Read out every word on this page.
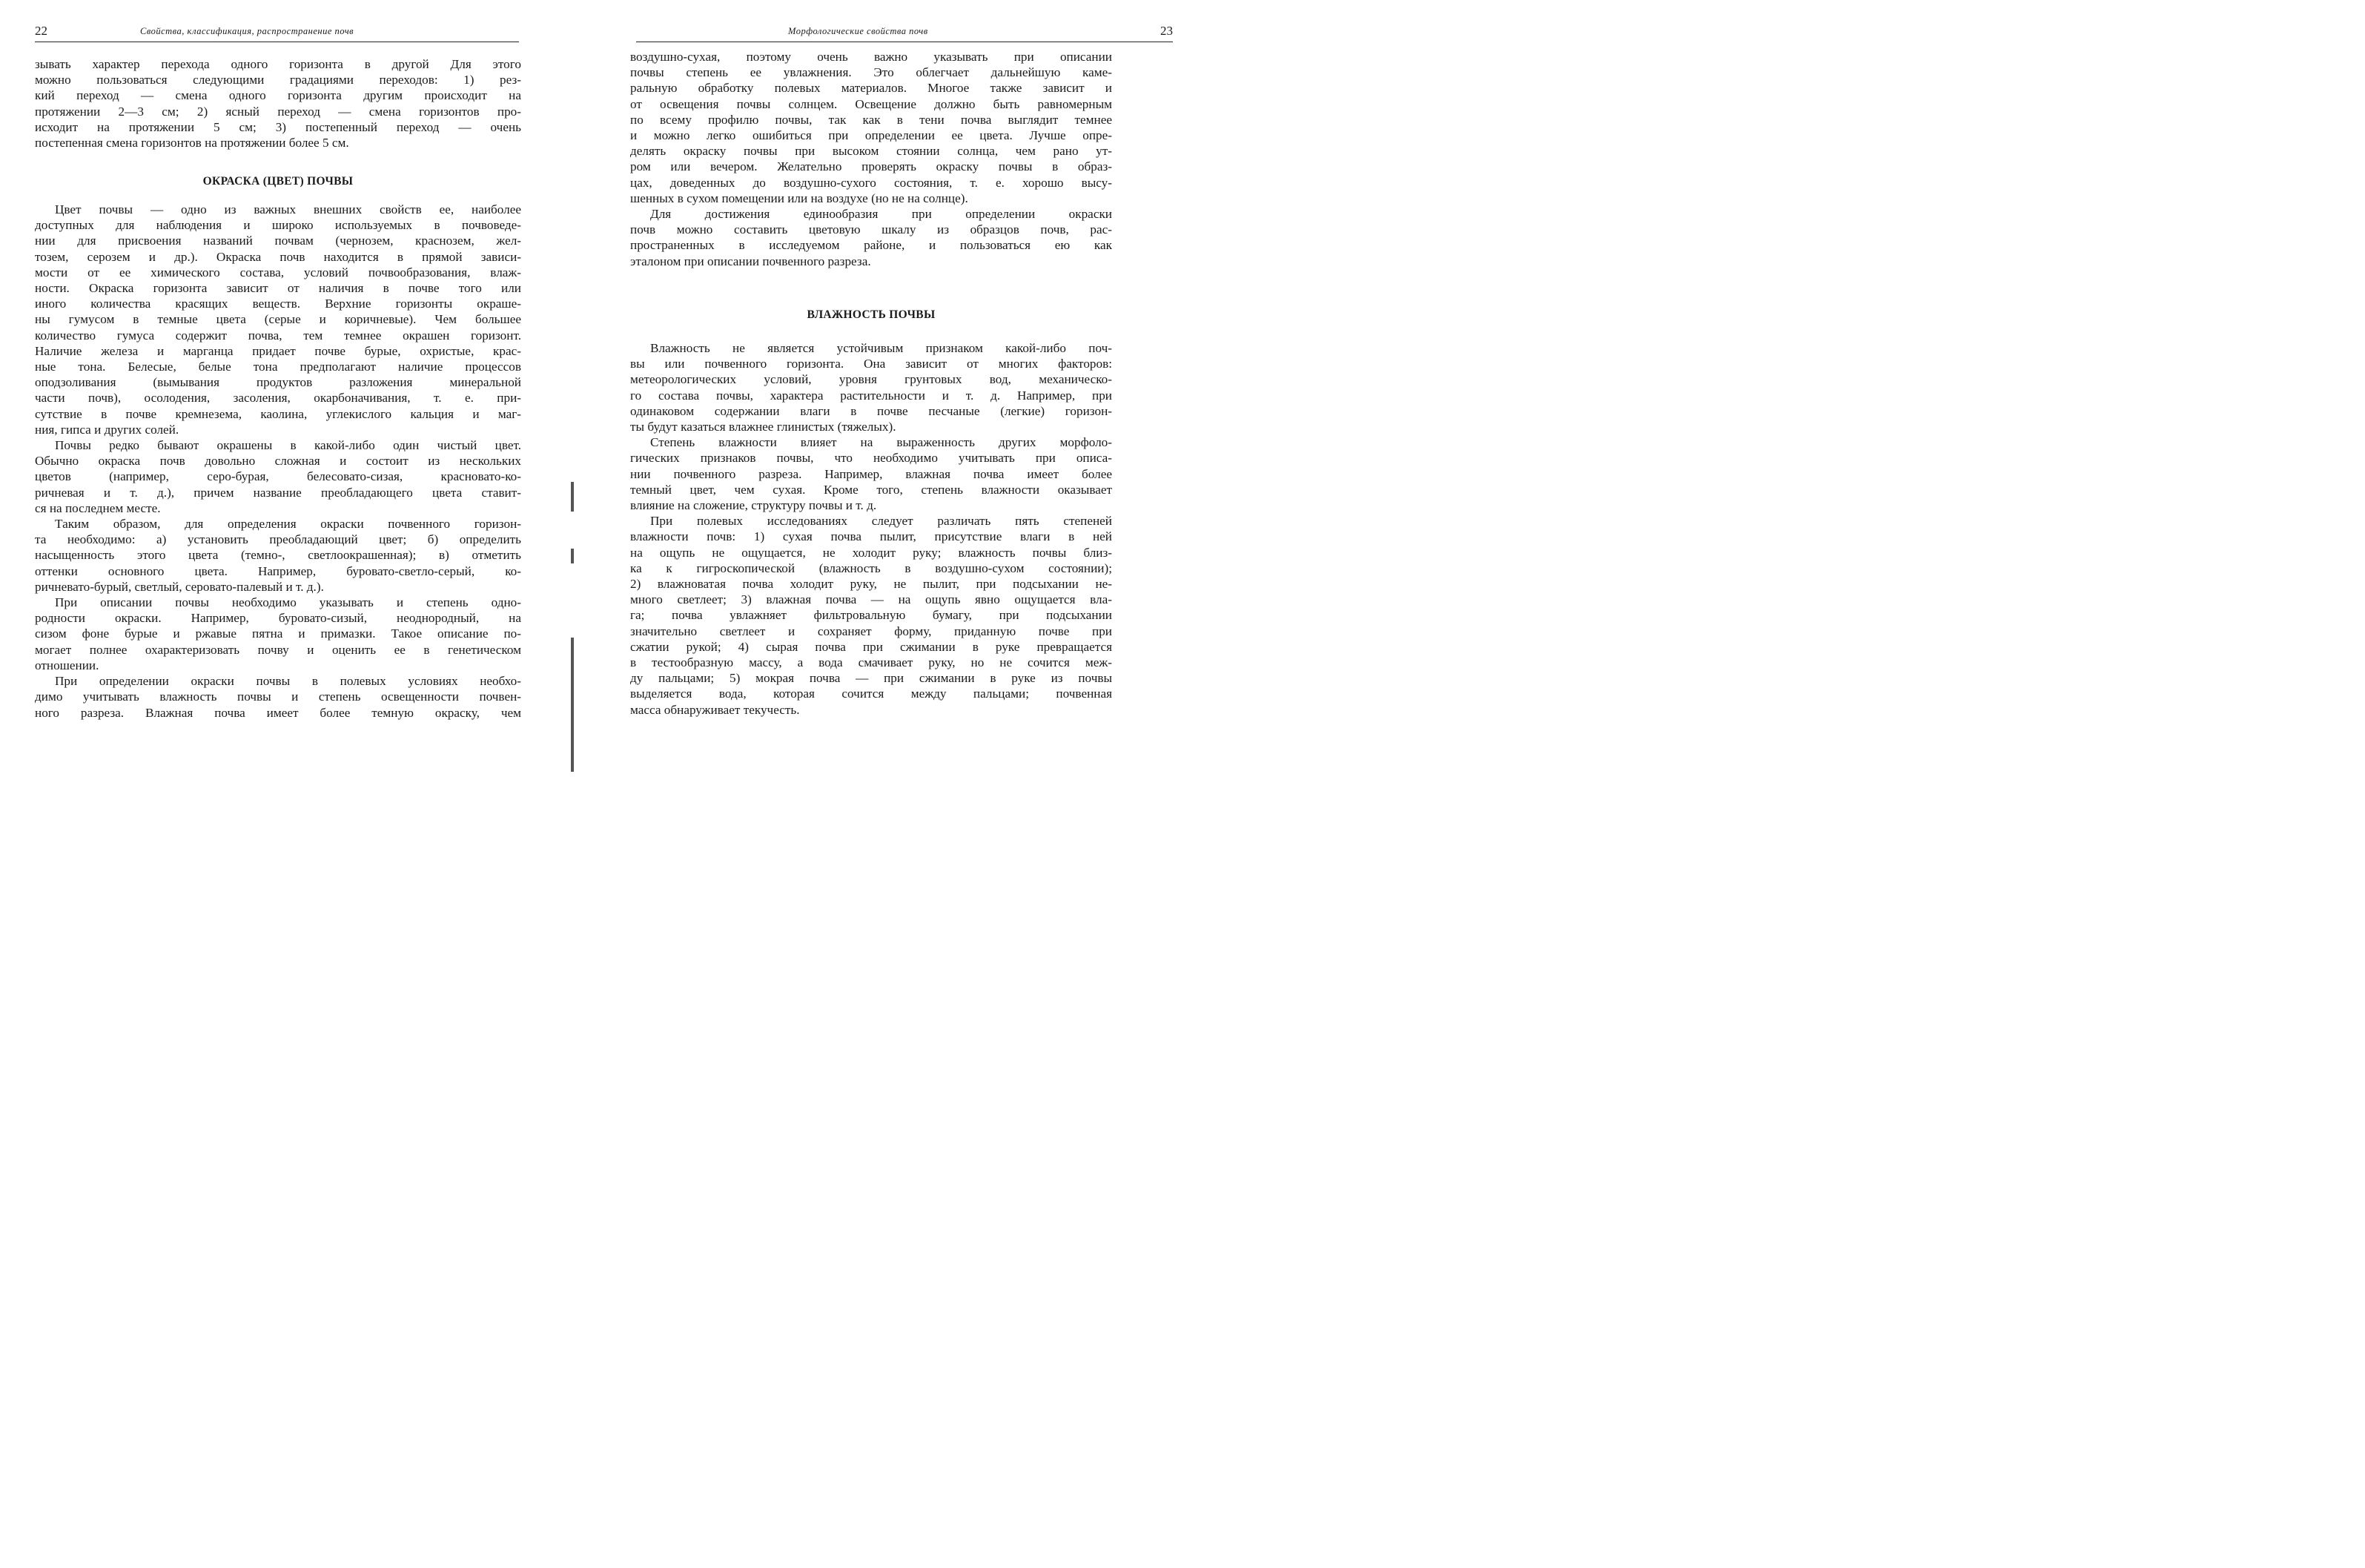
22	Свойства, классификация, распространение почв
зывать характер перехода одного горизонта в другой Для этого
можно пользоваться следующими градациями переходов: 1) рез-
кий переход — смена одного горизонта другим происходит на
протяжении 2—3 см; 2) ясный переход — смена горизонтов про-
исходит на протяжении 5 см; 3) постепенный переход — очень
постепенная смена горизонтов на протяжении более 5 см.
ОКРАСКА (ЦВЕТ) ПОЧВЫ
Цвет почвы — одно из важных внешних свойств ее, наиболее
доступных для наблюдения и широко используемых в почвоведе-
нии для присвоения названий почвам (чернозем, краснозем, жел-
тозем, серозем и др.). Окраска почв находится в прямой зависи-
мости от ее химического состава, условий почвообразования, влаж-
ности. Окраска горизонта зависит от наличия в почве того или
иного количества красящих веществ. Верхние горизонты окраше-
ны гумусом в темные цвета (серые и коричневые). Чем большее
количество гумуса содержит почва, тем темнее окрашен горизонт.
Наличие железа и марганца придает почве бурые, охристые, крас-
ные тона. Белесые, белые тона предполагают наличие процессов
оподзоливания (вымывания продуктов разложения минеральной
части почв), осолодения, засоления, окарбоначивания, т. е. при-
сутствие в почве кремнезема, каолина, углекислого кальция и маг-
ния, гипса и других солей.
Почвы редко бывают окрашены в какой-либо один чистый цвет.
Обычно окраска почв довольно сложная и состоит из нескольких
цветов (например, серо-бурая, белесовато-сизая, красновато-ко-
ричневая и т. д.), причем название преобладающего цвета ставит-
ся на последнем месте.
Таким образом, для определения окраски почвенного горизон-
та необходимо: а) установить преобладающий цвет; б) определить
насыщенность этого цвета (темно-, светлоокрашенная); в) отметить
оттенки основного цвета. Например, буровато-светло-серый, ко-
ричневато-бурый, светлый, серовато-палевый и т. д.).
При описании почвы необходимо указывать и степень одно-
родности окраски. Например, буровато-сизый, неоднородный, на
сизом фоне бурые и ржавые пятна и примазки. Такое описание по-
могает полнее охарактеризовать почву и оценить ее в генетическом
отношении.
При определении окраски почвы в полевых условиях необхо-
димо учитывать влажность почвы и степень освещенности почвен-
ного разреза. Влажная почва имеет более темную окраску, чем
Морфологические свойства почв	23
воздушно-сухая, поэтому очень важно указывать при описании
почвы степень ее увлажнения. Это облегчает дальнейшую каме-
ральную обработку полевых материалов. Многое также зависит и
от освещения почвы солнцем. Освещение должно быть равномерным
по всему профилю почвы, так как в тени почва выглядит темнее
и можно легко ошибиться при определении ее цвета. Лучше опре-
делять окраску почвы при высоком стоянии солнца, чем рано ут-
ром или вечером. Желательно проверять окраску почвы в образ-
цах, доведенных до воздушно-сухого состояния, т. е. хорошо высу-
шенных в сухом помещении или на воздухе (но не на солнце).
Для достижения единообразия при определении окраски
почв можно составить цветовую шкалу из образцов почв, рас-
пространенных в исследуемом районе, и пользоваться ею как
эталоном при описании почвенного разреза.
ВЛАЖНОСТЬ ПОЧВЫ
Влажность не является устойчивым признаком какой-либо поч-
вы или почвенного горизонта. Она зависит от многих факторов:
метеорологических условий, уровня грунтовых вод, механическо-
го состава почвы, характера растительности и т. д. Например, при
одинаковом содержании влаги в почве песчаные (легкие) горизон-
ты будут казаться влажнее глинистых (тяжелых).
Степень влажности влияет на выраженность других морфоло-
гических признаков почвы, что необходимо учитывать при описа-
нии почвенного разреза. Например, влажная почва имеет более
темный цвет, чем сухая. Кроме того, степень влажности оказывает
влияние на сложение, структуру почвы и т. д.
При полевых исследованиях следует различать пять степеней
влажности почв: 1) сухая почва пылит, присутствие влаги в ней
на ощупь не ощущается, не холодит руку; влажность почвы близ-
ка к гигроскопической (влажность в воздушно-сухом состоянии);
2) влажноватая почва холодит руку, не пылит, при подсыхании не-
много светлеет; 3) влажная почва — на ощупь явно ощущается вла-
га; почва увлажняет фильтровальную бумагу, при подсыхании
значительно светлеет и сохраняет форму, приданную почве при
сжатии рукой; 4) сырая почва при сжимании в руке превращается
в тестообразную массу, а вода смачивает руку, но не сочится меж-
ду пальцами; 5) мокрая почва — при сжимании в руке из почвы
выделяется вода, которая сочится между пальцами; почвенная
масса обнаруживает текучесть.
